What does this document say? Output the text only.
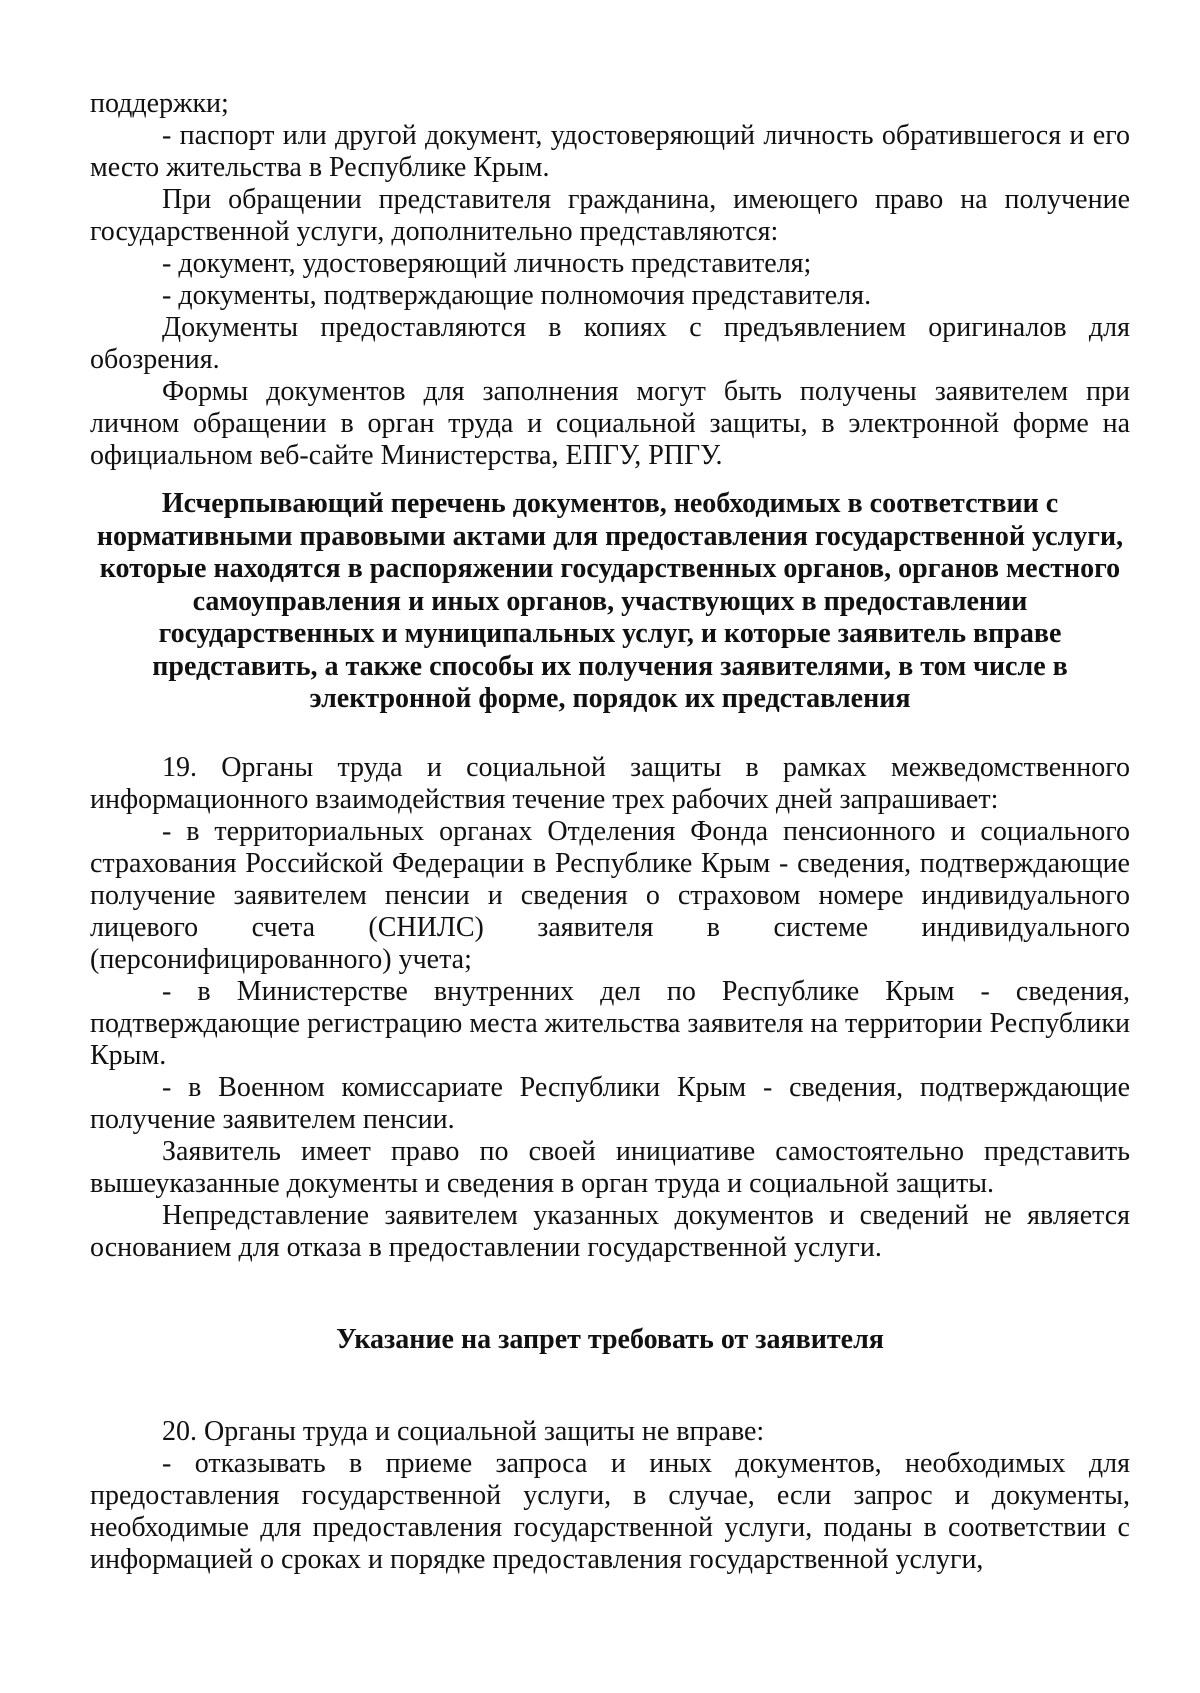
поддержки;

- паспорт или другой документ, удостоверяющий личность обратившегося и его место жительства в Республике Крым.

При обращении представителя гражданина, имеющего право на получение государственной услуги, дополнительно представляются:

- документ, удостоверяющий личность представителя;

- документы, подтверждающие полномочия представителя.

Документы предоставляются в копиях с предъявлением оригиналов для обозрения.

Формы документов для заполнения могут быть получены заявителем при личном обращении в орган труда и социальной защиты, в электронной форме на официальном веб-сайте Министерства, ЕПГУ, РПГУ.

Исчерпывающий перечень документов, необходимых в соответствии с нормативными правовыми актами для предоставления государственной услуги, которые находятся в распоряжении государственных органов, органов местного самоуправления и иных органов, участвующих в предоставлении государственных и муниципальных услуг, и которые заявитель вправе представить, а также способы их получения заявителями, в том числе в электронной форме, порядок их представления

19. Органы труда и социальной защиты в рамках межведомственного информационного взаимодействия течение трех рабочих дней запрашивает:

- в территориальных органах Отделения Фонда пенсионного и социального страхования Российской Федерации в Республике Крым - сведения, подтверждающие получение заявителем пенсии и сведения о страховом номере индивидуального лицевого счета (СНИЛС) заявителя в системе индивидуального (персонифицированного) учета;

- в Министерстве внутренних дел по Республике Крым - сведения, подтверждающие регистрацию места жительства заявителя на территории Республики Крым.

- в Военном комиссариате Республики Крым - сведения, подтверждающие получение заявителем пенсии.

Заявитель имеет право по своей инициативе самостоятельно представить вышеуказанные документы и сведения в орган труда и социальной защиты.

Непредставление заявителем указанных документов и сведений не является основанием для отказа в предоставлении государственной услуги.

Указание на запрет требовать от заявителя

20. Органы труда и социальной защиты не вправе:

- отказывать в приеме запроса и иных документов, необходимых для предоставления государственной услуги, в случае, если запрос и документы, необходимые для предоставления государственной услуги, поданы в соответствии с информацией о сроках и порядке предоставления государственной услуги,
